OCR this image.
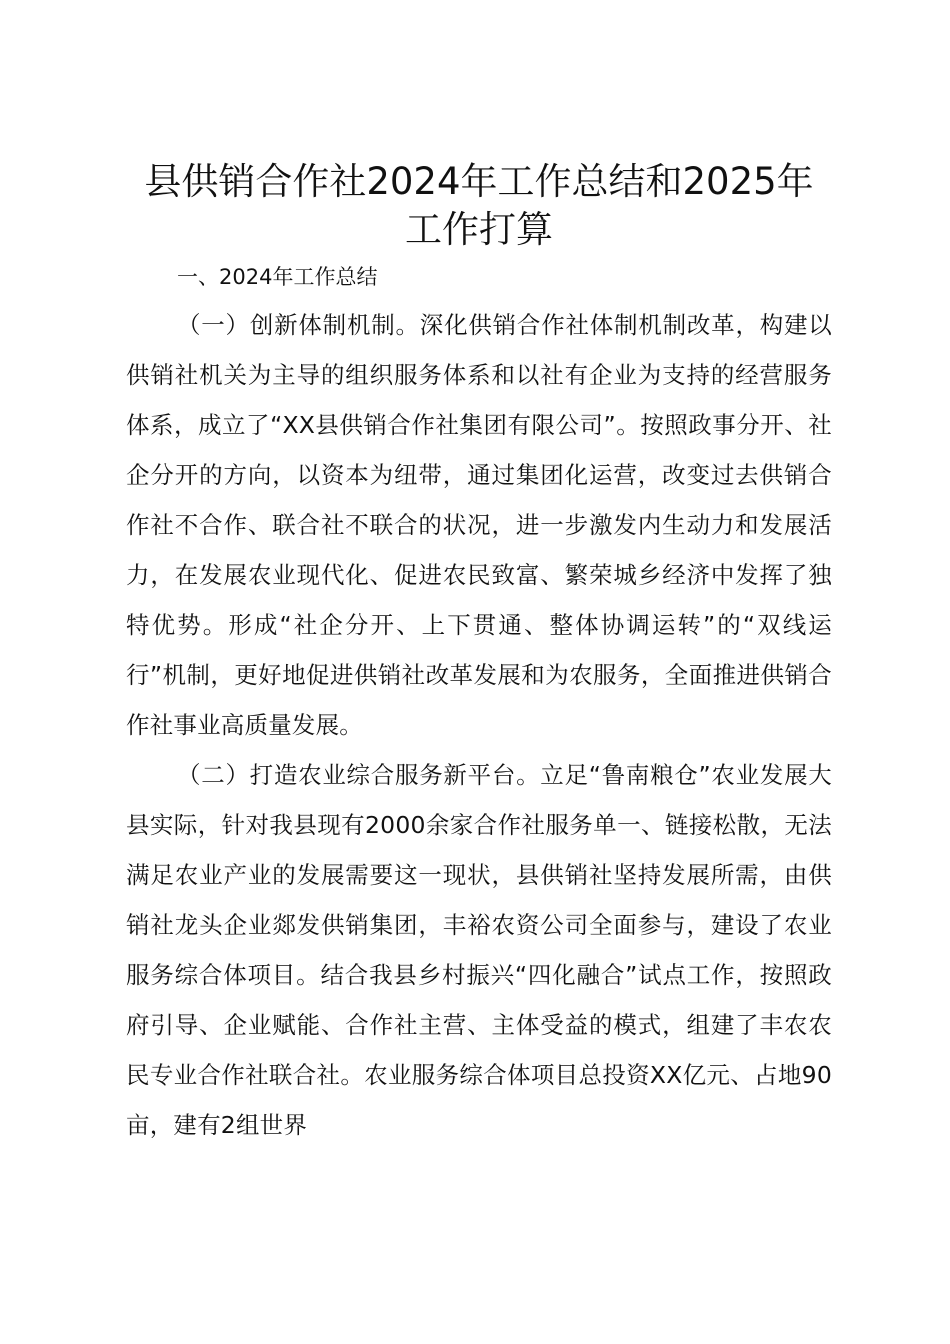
县供销合作社2024年工作总结和2025年工作打算
一、2024年工作总结

（一）创新体制机制。深化供销合作社体制机制改革，构建以供销社机关为主导的组织服务体系和以社有企业为支持的经营服务体系，成立了“XX县供销合作社集团有限公司”。按照政事分开、社企分开的方向，以资本为纽带，通过集团化运营，改变过去供销合作社不合作、联合社不联合的状况，进一步激发内生动力和发展活力，在发展农业现代化、促进农民致富、繁荣城乡经济中发挥了独特优势。形成“社企分开、上下贯通、整体协调运转”的“双线运行”机制，更好地促进供销社改革发展和为农服务，全面推进供销合作社事业高质量发展。

（二）打造农业综合服务新平台。立足“鲁南粮仓”农业发展大县实际，针对我县现有2000余家合作社服务单一、链接松散，无法满足农业产业的发展需要这一现状，县供销社坚持发展所需，由供销社龙头企业郯发供销集团，丰裕农资公司全面参与，建设了农业服务综合体项目。结合我县乡村振兴“四化融合”试点工作，按照政府引导、企业赋能、合作社主营、主体受益的模式，组建了丰农农民专业合作社联合社。农业服务综合体项目总投资XX亿元、占地90亩，建有2组世界
